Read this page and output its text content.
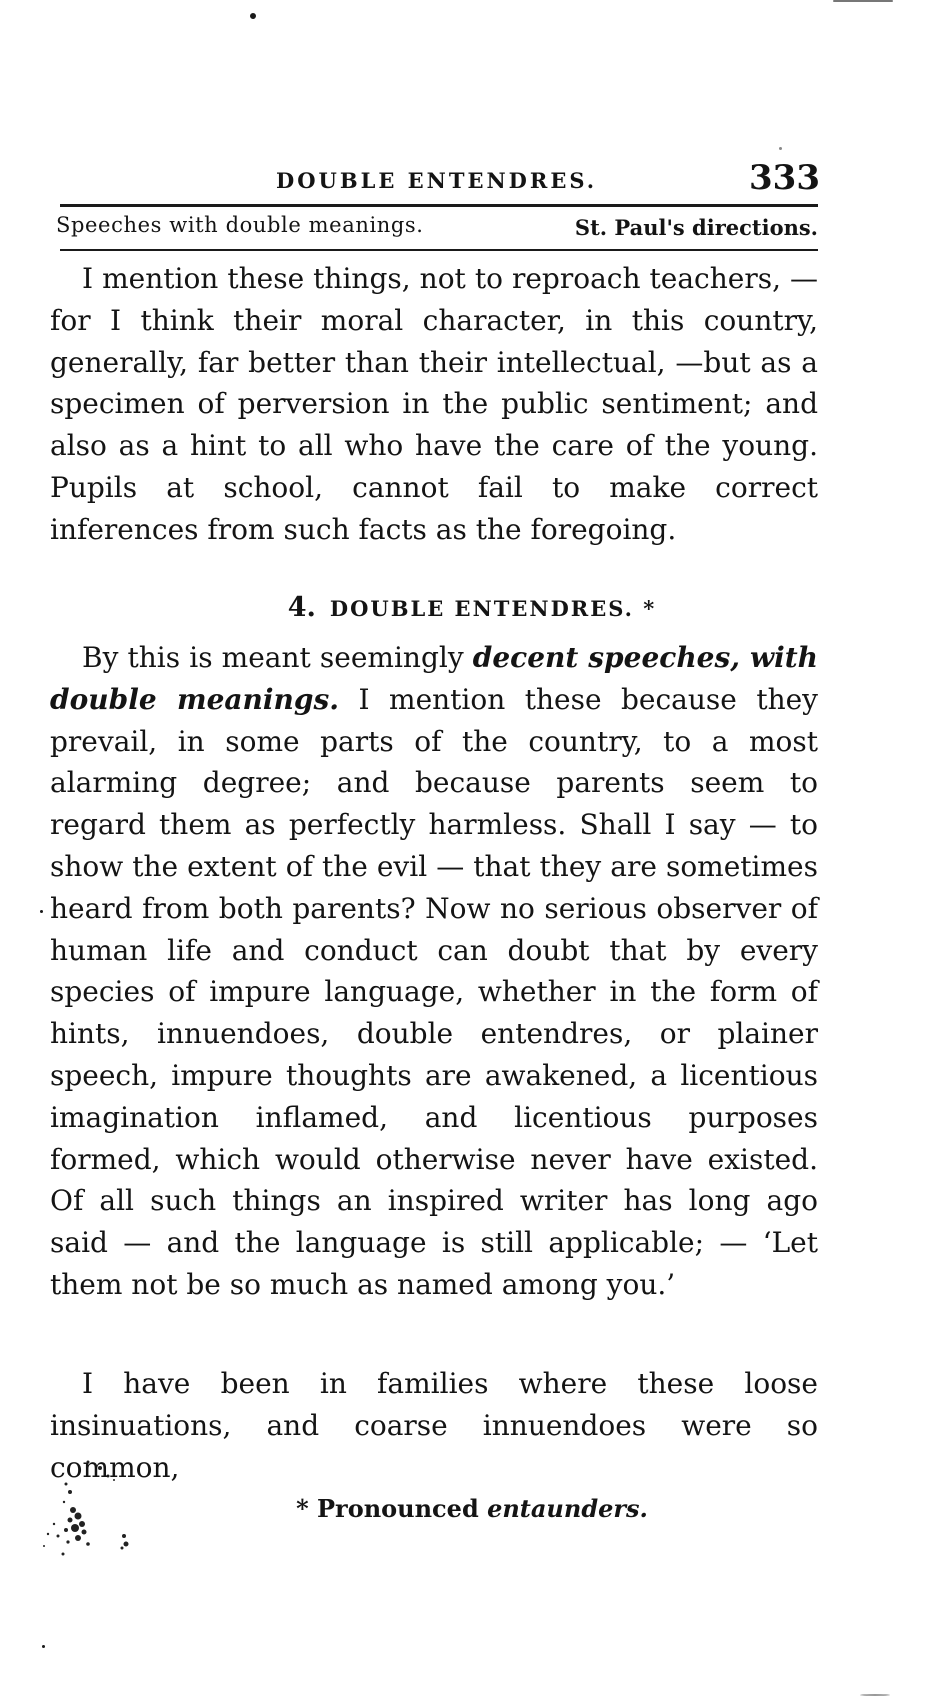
DOUBLE ENTENDRES.	333
Speeches with double meanings.	St. Paul's directions.
I mention these things, not to reproach teachers, —for I think their moral character, in this country, generally, far better than their intellectual, —but as a specimen of perversion in the public sentiment; and also as a hint to all who have the care of the young. Pupils at school, cannot fail to make correct inferences from such facts as the foregoing.
4. DOUBLE ENTENDRES. *
By this is meant seemingly decent speeches, with double meanings. I mention these because they prevail, in some parts of the country, to a most alarming degree; and because parents seem to regard them as perfectly harmless. Shall I say — to show the extent of the evil — that they are sometimes heard from both parents? Now no serious observer of human life and conduct can doubt that by every species of impure language, whether in the form of hints, innuendoes, double entendres, or plainer speech, impure thoughts are awakened, a licentious imagination inflamed, and licentious purposes formed, which would otherwise never have existed. Of all such things an inspired writer has long ago said — and the language is still applicable; — ‘Let them not be so much as named among you.’
I have been in families where these loose insinuations, and coarse innuendoes were so common,
* Pronounced entaunders.
